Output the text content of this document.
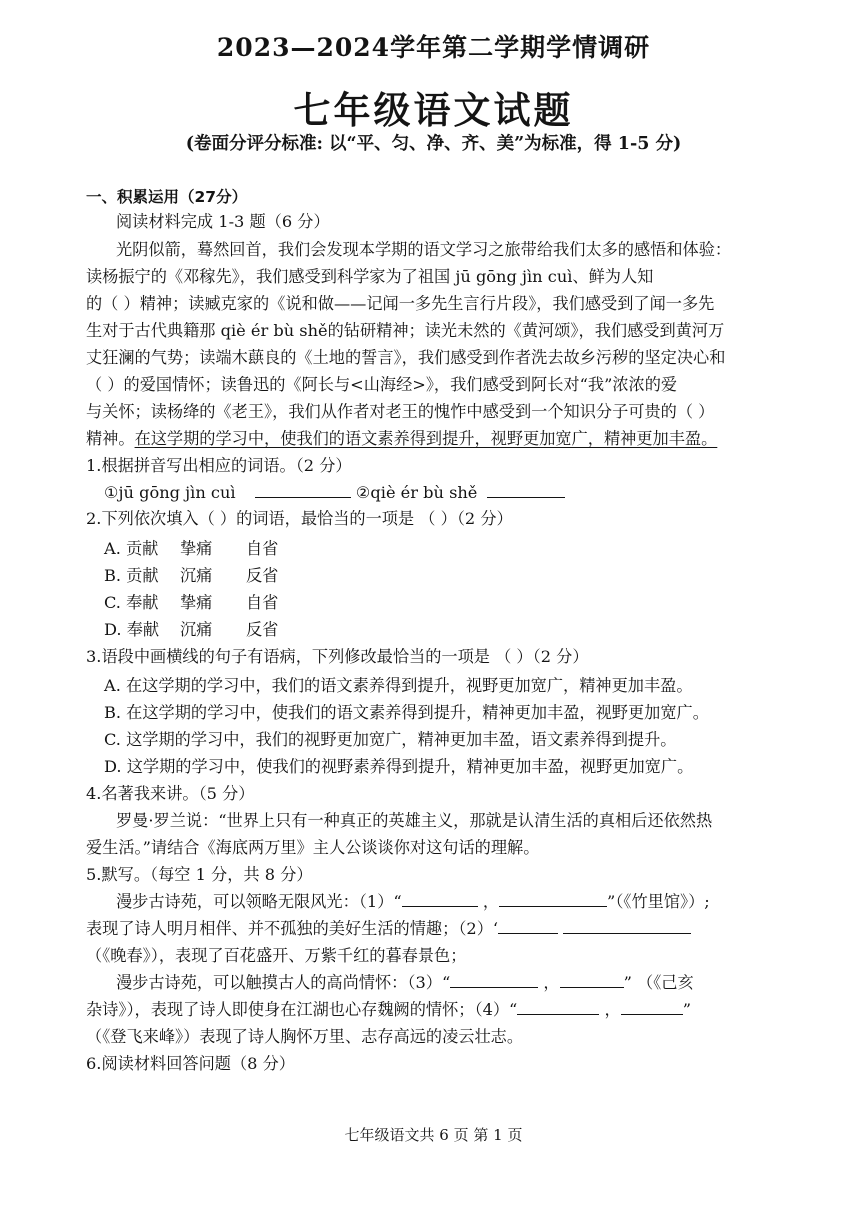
2023—2024学年第二学期学情调研
七年级语文试题
(卷面分评分标准: 以“平、匀、净、齐、美”为标准，得 1-5 分)
一、积累运用（27分）
阅读材料完成 1-3 题（6 分）
光阴似箭，蓦然回首，我们会发现本学期的语文学习之旅带给我们太多的感悟和体验：
读杨振宁的《邓稼先》，我们感受到科学家为了祖国 jū gōng jìn cuì、鲜为人知
的（ ）精神；读臧克家的《说和做——记闻一多先生言行片段》，我们感受到了闻一多先
生对于古代典籍那 qiè ér bù shě的钻研精神；读光未然的《黄河颂》，我们感受到黄河万
丈狂澜的气势；读端木蕻良的《土地的誓言》，我们感受到作者洗去故乡污秽的坚定决心和
（ ）的爱国情怀；读鲁迅的《阿长与<山海经>》，我们感受到阿长对“我”浓浓的爱
与关怀；读杨绛的《老王》，我们从作者对老王的愧怍中感受到一个知识分子可贵的（ ）
精神。在这学期的学习中，使我们的语文素养得到提升，视野更加宽广，精神更加丰盈。
1.根据拼音写出相应的词语。（2 分）
①jū gōng jìn cuì	②qiè ér bù shě
2.下列依次填入（ ）的词语，最恰当的一项是 （ ）（2 分）
A. 贡献 挚痛 自省
B. 贡献 沉痛 反省
C. 奉献 挚痛 自省
D. 奉献 沉痛 反省
3.语段中画横线的句子有语病，下列修改最恰当的一项是 （ ）（2 分）
A. 在这学期的学习中，我们的语文素养得到提升，视野更加宽广，精神更加丰盈。
B. 在这学期的学习中，使我们的语文素养得到提升，精神更加丰盈，视野更加宽广。
C. 这学期的学习中，我们的视野更加宽广，精神更加丰盈，语文素养得到提升。
D. 这学期的学习中，使我们的视野素养得到提升，精神更加丰盈，视野更加宽广。
4.名著我来讲。（5 分）
罗曼·罗兰说：“世界上只有一种真正的英雄主义，那就是认清生活的真相后还依然热
爱生活。”请结合《海底两万里》主人公谈谈你对这句话的理解。
5.默写。（每空 1 分，共 8 分）
漫步古诗苑，可以领略无限风光：（1）“	，	”（《竹里馆》）;
表现了诗人明月相伴、并不孤独的美好生活的情趣；（2）‘
（《晚春》），表现了百花盛开、万紫千红的暮春景色；
漫步古诗苑，可以触摸古人的高尚情怀：（3）“	，	” （《己亥
杂诗》），表现了诗人即使身在江湖也心存魏阙的情怀；（4）“	，	”
（《登飞来峰》）表现了诗人胸怀万里、志存高远的凌云壮志。
6.阅读材料回答问题（8 分）
七年级语文共 6 页 第 1 页
